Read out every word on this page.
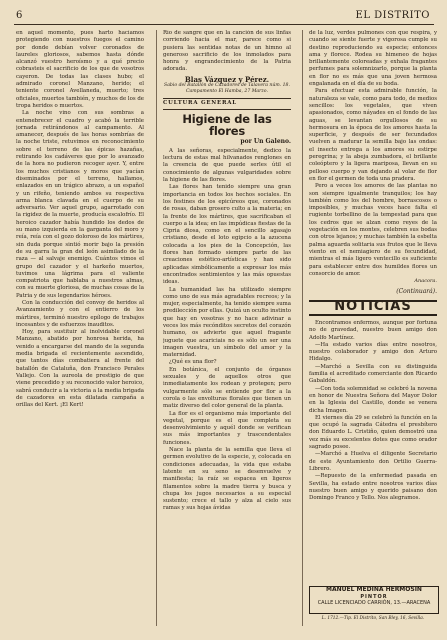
6	EL DISTRITO

en aquel momento, pues harto hacíamos protegiendo con nuestros fuegos el camino por donde debían volver coronados de laureles gloriosos, sabemos hasta dónde alcanzó vuestro heroísmo y a qué precio cobrasteis el sacrificio de los que de vosotros cayeron. De todas las clases hubo; el admirado coronel Manzano, herido; el teniente coronel Avellaneda, muerto; tres oficiales, muertos también, y muchos de los de tropa heridos o muertos.

La noche vino con sus sombras a entenebrecer el cuadro y acabó la terrible jornada retirándonos al campamento. Al amanecer, después de las horas sombrías de la noche triste, retuvimos en reconocimiento sobre el terreno de las épicas hazañas, retirando los cadáveres que por lo avanzado de la hora no pudieron recoger ayer. Y, entre los muchos cristianos y moros que yacían diseminados por el terreno, hallamos, enlazados en un trágico abrazo, a un español y un rifeño, teniendo ambos su respectiva arma blanca clavada en el cuerpo de su adversario. Ver aquel grupo, agarrotado con la rigidez de la muerte, producía escalofrío. El heroico cazador había hundido los dedos de su mano izquierda en la garganta del moro y reía, reía con el gozo doloroso de los mártires, sin duda porque sintió morir bajo la presión de su garra la gran del león asimilado de la raza — al salvaje enemigo. Cuántos vimos el grupo del cazador y el harkeño muertos, tuvimos una lágrima para el valiente compatriota que hablaba a nuestros almas, con su muerte gloriosa, de muchas cosas de la Patria y de sus legendarios héroes.

Con la conducción del convoy de heridos al Avanzamiento y con el entierro de los mártires, terminó nuestro epílogo de trabajos incesantes y de esfuerzos inauditos.

Hoy, para sustituir al inolvidable coronel Manzano, abatido por honrosa herida, ha venido a encargarse del mando de la segunda media brigada el recientemente ascendido, que tantos días combatiera al frente del batallón de Cataluña, don Francisco Perales Vallejo. Con la aureola de prestigio de que viene precedido y su reconocido valor heroico, sabrá conducir a la victoria a la media brigada de cazadores en esta dilatada campaña a orillas del Kert. ¡El Kert!

Río de sangre que en la canción de sus linfas corriendo hacia el mar, parece como si pusiera las sentidas notas de un himno al generoso sacrificio de los inmolados para honra y engrandecimiento de la Patria adorada.

Blas Vázquez y Pérez.

Sabio del Batallón de Cazadores de Talavera núm. 18. Campamento El Hamba, 27 Marzo.

CULTURA GENERAL
Higiene de las flores
por Un Galeno.

A las señoras, especialmente, dedico la lectura de estas mal hilvanados renglones en la creencia de que puede serles útil el conocimiento de algunas vulgaridades sobre la higiene de las flores.

Las flores han tenido siempre una gran importancia en todos los hechos sociales. En los festines de los epicúreos que, coronados de rosas, daban grosero culto a la materia; en la frente de los mártires, que sacrificaban el cuerpo a la idea; en las impúdicas fiestas de la Cipria diosa, como en el sencillo agasajo cristiano, desde el loto egipcio a la azucena colocada a los pies de la Concepción, las flores han formado siempre parte de las creaciones estético-artísticas y han sido aplicadas simbólicamente a expresar los más encontrados sentimientos y las más opuestas ideas.

La humanidad las ha utilizado siempre como uno de sus más agradables recreos; y la mujer, especialmente, ha tenido siempre suma predilección por ellas. Quizá un oculto instinto que hay en vosotras y no hace adivinar a veces los más recónditos secretos del corazón humano, os advierte que aquel fragante juguete que acariciais no es sólo un ser una imagen vuestra, un símbolo del amor y la maternidad.

¿Qué es una flor?

En botánica, el conjunto de órganos sexuales y de aquellos otros que inmediatamente los rodean y protegen; pero vulgarmente sólo se entiende por flor a la corola o las envolturas florales que tienen un matiz diverso del color general de la planta.

La flor es el organismo más importante del vegetal, porque es el que completa su desenvolvimiento y aquél donde se verifican sus más importantes y trascendentales funciones.

Nace la planta de la semilla que lleva el germen evolutivo de la especie, y, colocada en condiciones adecuadas, la vida que estaba latente en su seno se desenvuelve y manifiesta; la raíz se espacea en ligeros filamentos sobre la madre tierra y busca y chupa los jugos necesarios a su especial sustento; crece el tallo y alza al cielo sus ramas y sus hojas ávidas

de la luz, verdes pulmones con que respira, y cuando se siente fuerte y vigorosa cumple su destino reproduciendo su especie; entonces ama y florece. Rodea su himeneo de hojas brillantemente coloreadas y exhala fragantes perfumes para solemnizarlo, porque la planta en flor no es más que una joven hermosa engalanada en el día de su boda.

Para efectuar esta admirable función, la naturaleza se vale, como para todo, de medios sencillos: los vegetales, que viven apasionados, como náyades en el fondo de las aguas, se levantan orgullosos de su hermosura en la época de los amores hasta la superficie, y después de ser fecundados vuelven a madurar la semilla bajo las ondas: el insecto entrega a los amores su estirpe peregrina; y la abeja zumbadora, el brillante coleóptero y la ligera mariposa, llevan en su pelloso cuerpo y van dejando al volar de flor en flor el germen de toda una pradera.

Pero a veces los amores de las plantas no son siempre igualmente tranquilos; los hay también como los del hombre, borrascosos o imposibles, y muchas veces hace falta el rugiente torbellino de la tempestad para que los cedros que se alzan como reyes de la vegetación en los montes, celebren sus bodas con otros lejanos; y muchas también la esbelta palma aguarda solitaria sus frutos que le lleva viento en el nemiagiero de su fecundidad, mientras el más ligero ventecillo es suficiente para establecer entre dos humildes flores un consorcio de amor.

Anacora.

(Continuará).

NOTICIAS

Encontramos enfermos, aunque por fortuna no de gravedad, nuestro buen amigo don Adolfo Martínez.

—Ha estado varios días entre nosotros, nuestro colaborador y amigo don Arturo Hidalgo.

—Marchó a Sevilla con su distinguida familia el acreditado comerciante don Ricardo Gabaldón.

—Con toda solemnidad se celebró la novena en honor de Nuestra Señora del Mayor Dolor en la Iglesia del Castillo, donde se venera dicha Imagen.

El viernes día 29 se celebró la función en la que ocupó la sagrada Cátedra el presbítero don Eduardo L. Cristiño, quien demostró una vez más su excelentes dotes que como orador sagrado posee.

—Marchó a Huelva el diligente Secretario de este Ayuntamiento don Ortilio Guerra-Librero.

—Repuesto de la enfermedad pasada en Sevilla, ha estado entre nosotros varios días nuestro buen amigo y querido paisano don Domingo Franco y Tello. Nos alegramos.

MANUEL MEDINA HERMOSIN
PINTOR
CALLE LICENCIADO CARRIÓN, 13.—ARACENA
L. 1712.—Tip. El Distrito, San Bley, 16, Sevilla.
